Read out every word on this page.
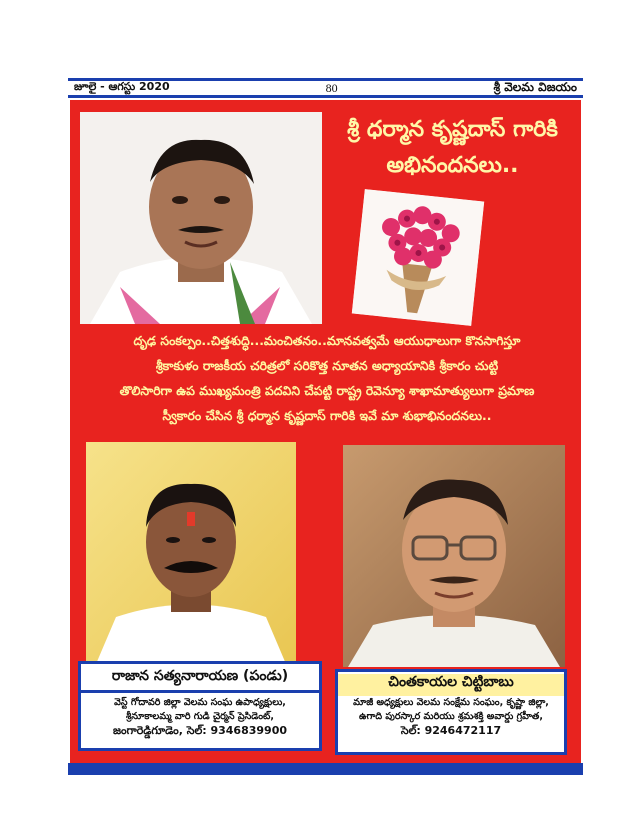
జూలై - ఆగస్టు 2020	80	శ్రీ వెలమ విజయం
శ్రీ ధర్మాన కృష్ణదాస్ గారికి
అభినందనలు..
దృఢ సంకల్పం..చిత్తశుద్ధి...మంచితనం..మానవత్వమే ఆయుధాలుగా కొనసాగిస్తూ
శ్రీకాకుళం రాజకీయ చరిత్రలో సరికొత్త నూతన అధ్యాయానికి శ్రీకారం చుట్టి
తొలిసారిగా ఉప ముఖ్యమంత్రి పదవిని చేపట్టి రాష్ట్ర రెవెన్యూ శాఖామాత్యులుగా ప్రమాణ
స్వీకారం చేసిన శ్రీ ధర్మాన కృష్ణదాస్ గారికి ఇవే మా శుభాభినందనలు..
రాజాన సత్యనారాయణ (పండు)
వెస్ట్ గోదావరి జిల్లా వెలమ సంఘ ఉపాధ్యక్షులు,
శ్రీనూకాలమ్మ వారి గుడి చైర్మన్ ప్రెసిడెంట్,
జంగారెడ్డిగూడెం, సెల్: 9346839900
చింతకాయల చిట్టిబాబు
మాజీ అధ్యక్షులు వెలమ సంక్షేమ సంఘం, కృష్ణా జిల్లా,
ఉగాది పురస్కార మరియు శ్రమశక్తి అవార్డు గ్రహీత,
సెల్: 9246472117
